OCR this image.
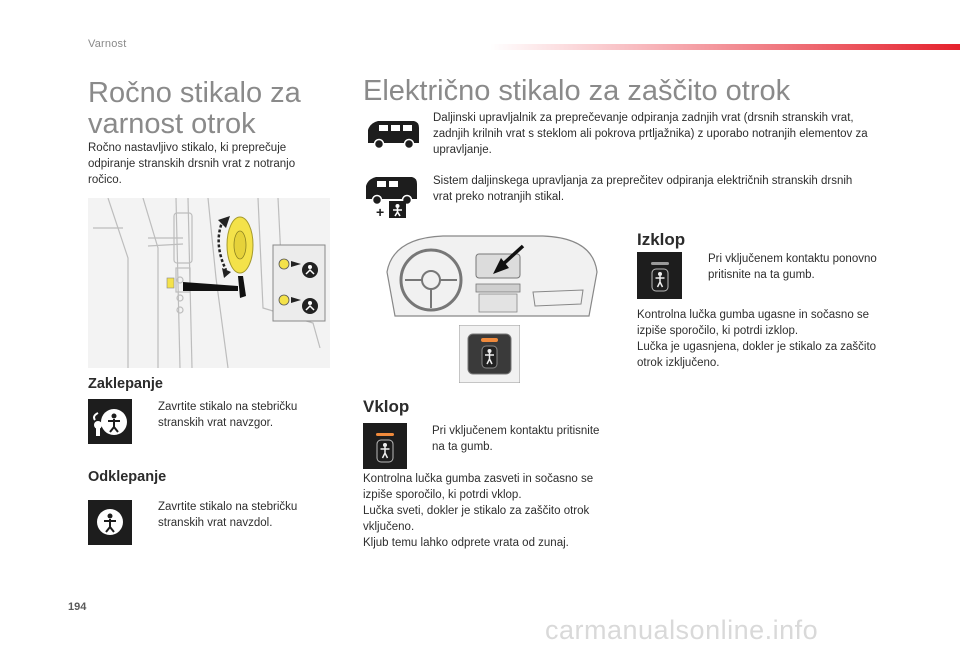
Varnost
Ročno stikalo za
varnost otrok
Ročno nastavljivo stikalo, ki preprečuje
odpiranje stranskih drsnih vrat z notranjo
ročico.
Zaklepanje
Zavrtite stikalo na stebričku
stranskih vrat navzgor.
Odklepanje
Zavrtite stikalo na stebričku
stranskih vrat navzdol.
Električno stikalo za zaščito otrok
Daljinski upravljalnik za preprečevanje odpiranja zadnjih vrat (drsnih stranskih vrat,
zadnjih krilnih vrat s steklom ali pokrova prtljažnika) z uporabo notranjih elementov za
upravljanje.
+
Sistem daljinskega upravljanja za preprečitev odpiranja električnih stranskih drsnih
vrat preko notranjih stikal.
Vklop
Pri vključenem kontaktu pritisnite
na ta gumb.
Kontrolna lučka gumba zasveti in sočasno se
izpiše sporočilo, ki potrdi vklop.
Lučka sveti, dokler je stikalo za zaščito otrok
vključeno.
Kljub temu lahko odprete vrata od zunaj.
Izklop
Pri vključenem kontaktu ponovno
pritisnite na ta gumb.
Kontrolna lučka gumba ugasne in sočasno se
izpiše sporočilo, ki potrdi izklop.
Lučka je ugasnjena, dokler je stikalo za zaščito
otrok izključeno.
194
carmanualsonline.info
